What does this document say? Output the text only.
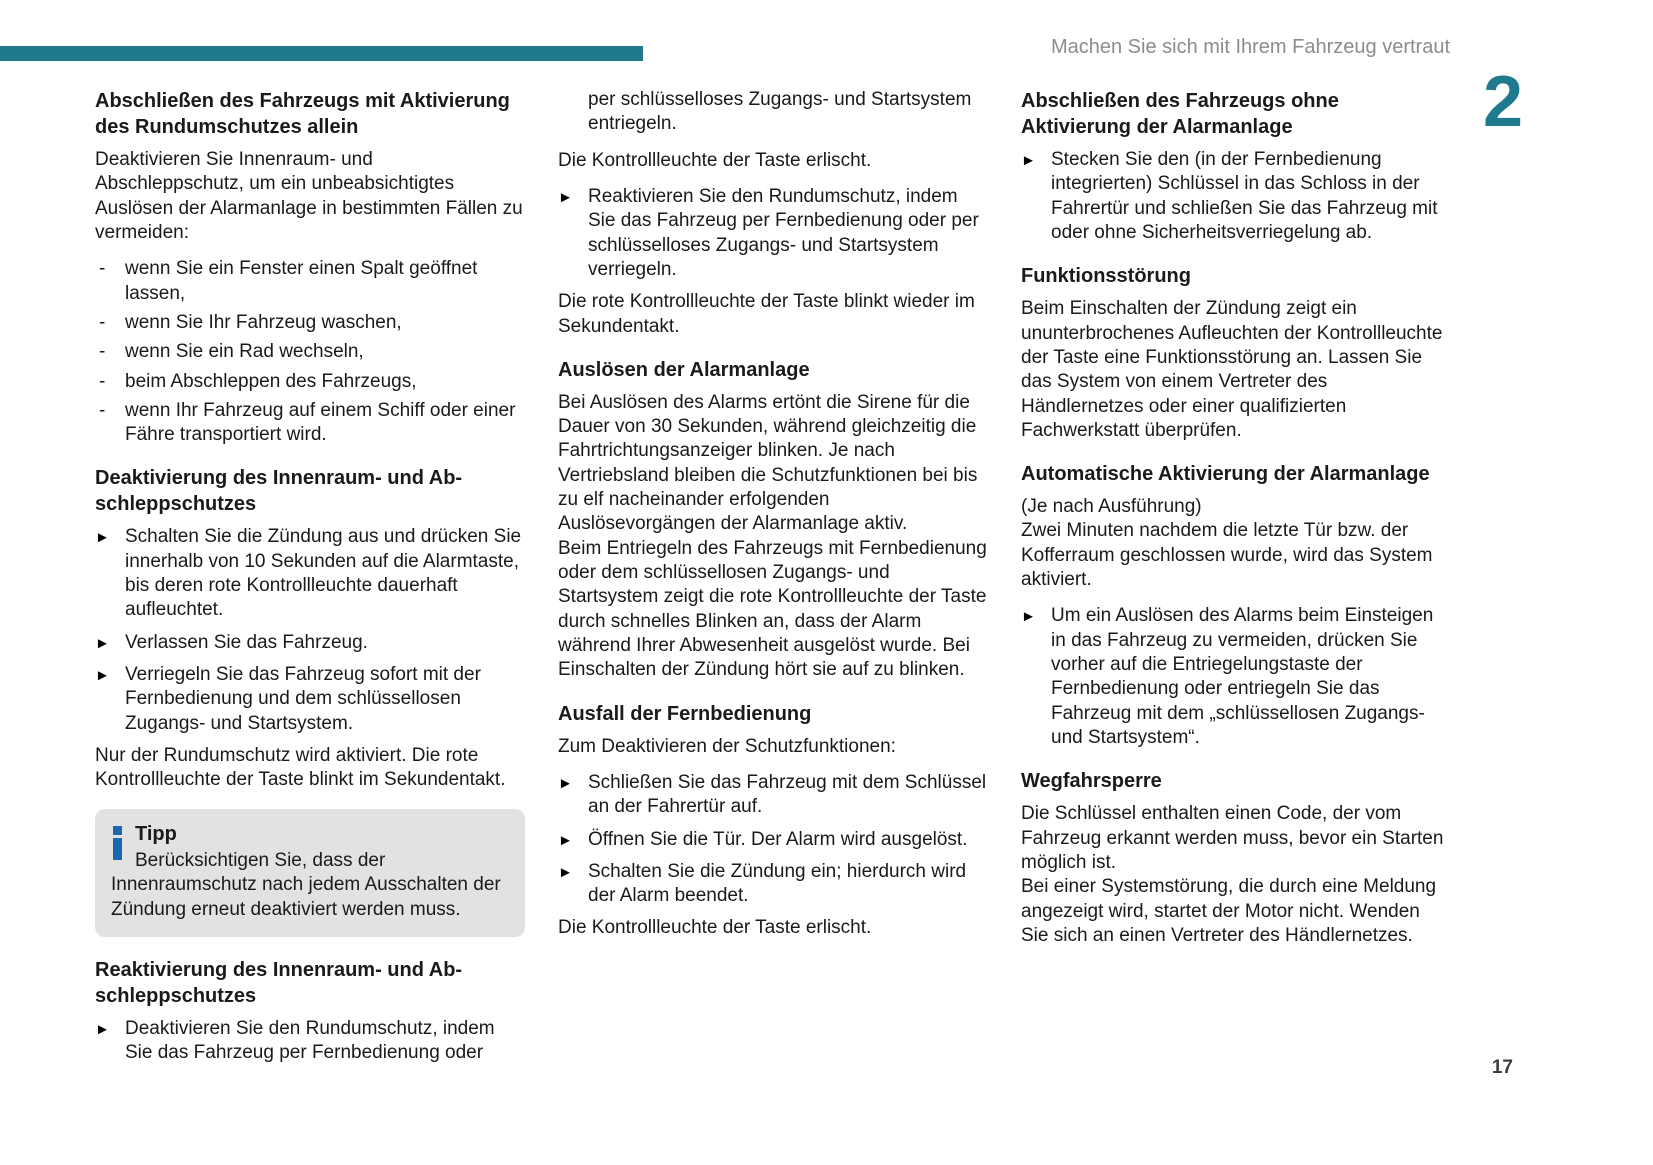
Machen Sie sich mit Ihrem Fahrzeug vertraut
2
Abschließen des Fahrzeugs mit Aktivierung des Rundumschutzes allein

Deaktivieren Sie Innenraum- und Abschleppschutz, um ein unbeabsichtigtes Auslösen der Alarmanlage in bestimmten Fällen zu vermeiden:

- wenn Sie ein Fenster einen Spalt geöffnet lassen,
- wenn Sie Ihr Fahrzeug waschen,
- wenn Sie ein Rad wechseln,
- beim Abschleppen des Fahrzeugs,
- wenn Ihr Fahrzeug auf einem Schiff oder einer Fähre transportiert wird.
Deaktivierung des Innenraum- und Ab-schleppschutzes
► Schalten Sie die Zündung aus und drücken Sie innerhalb von 10 Sekunden auf die Alarmtaste, bis deren rote Kontrollleuchte dauerhaft aufleuchtet.
► Verlassen Sie das Fahrzeug.
► Verriegeln Sie das Fahrzeug sofort mit der Fernbedienung und dem schlüssellosen Zugangs- und Startsystem.

Nur der Rundumschutz wird aktiviert. Die rote Kontrollleuchte der Taste blinkt im Sekundentakt.

Tipp

Berücksichtigen Sie, dass der Innenraumschutz nach jedem Ausschalten der Zündung erneut deaktiviert werden muss.

Reaktivierung des Innenraum- und Ab-schleppschutzes
► Deaktivieren Sie den Rundumschutz, indem Sie das Fahrzeug per Fernbedienung oder
per schlüsselloses Zugangs- und Startsystem entriegeln.

Die Kontrollleuchte der Taste erlischt.

► Reaktivieren Sie den Rundumschutz, indem Sie das Fahrzeug per Fernbedienung oder per schlüsselloses Zugangs- und Startsystem verriegeln.

Die rote Kontrollleuchte der Taste blinkt wieder im Sekundentakt.

Auslösen der Alarmanlage

Bei Auslösen des Alarms ertönt die Sirene für die Dauer von 30 Sekunden, während gleichzeitig die Fahrtrichtungsanzeiger blinken. Je nach Vertriebsland bleiben die Schutzfunktionen bei bis zu elf nacheinander erfolgenden Auslösevorgängen der Alarmanlage aktiv.

Beim Entriegeln des Fahrzeugs mit Fernbedienung oder dem schlüssellosen Zugangs- und Startsystem zeigt die rote Kontrollleuchte der Taste durch schnelles Blinken an, dass der Alarm während Ihrer Abwesenheit ausgelöst wurde. Bei Einschalten der Zündung hört sie auf zu blinken.

Ausfall der Fernbedienung

Zum Deaktivieren der Schutzfunktionen:

► Schließen Sie das Fahrzeug mit dem Schlüssel an der Fahrertür auf.
► Öffnen Sie die Tür. Der Alarm wird ausgelöst.
► Schalten Sie die Zündung ein; hierdurch wird der Alarm beendet.

Die Kontrollleuchte der Taste erlischt.

Abschließen des Fahrzeugs ohne Aktivierung der Alarmanlage
► Stecken Sie den (in der Fernbedienung integrierten) Schlüssel in das Schloss in der Fahrertür und schließen Sie das Fahrzeug mit oder ohne Sicherheitsverriegelung ab.
Funktionsstörung

Beim Einschalten der Zündung zeigt ein ununterbrochenes Aufleuchten der Kontrollleuchte der Taste eine Funktionsstörung an. Lassen Sie das System von einem Vertreter des Händlernetzes oder einer qualifizierten Fachwerkstatt überprüfen.

Automatische Aktivierung der Alarmanlage

(Je nach Ausführung)

Zwei Minuten nachdem die letzte Tür bzw. der Kofferraum geschlossen wurde, wird das System aktiviert.

► Um ein Auslösen des Alarms beim Einsteigen in das Fahrzeug zu vermeiden, drücken Sie vorher auf die Entriegelungstaste der Fernbedienung oder entriegeln Sie das Fahrzeug mit dem „schlüssellosen Zugangs- und Startsystem“.
Wegfahrsperre

Die Schlüssel enthalten einen Code, der vom Fahrzeug erkannt werden muss, bevor ein Starten möglich ist.

Bei einer Systemstörung, die durch eine Meldung angezeigt wird, startet der Motor nicht. Wenden Sie sich an einen Vertreter des Händlernetzes.

17
